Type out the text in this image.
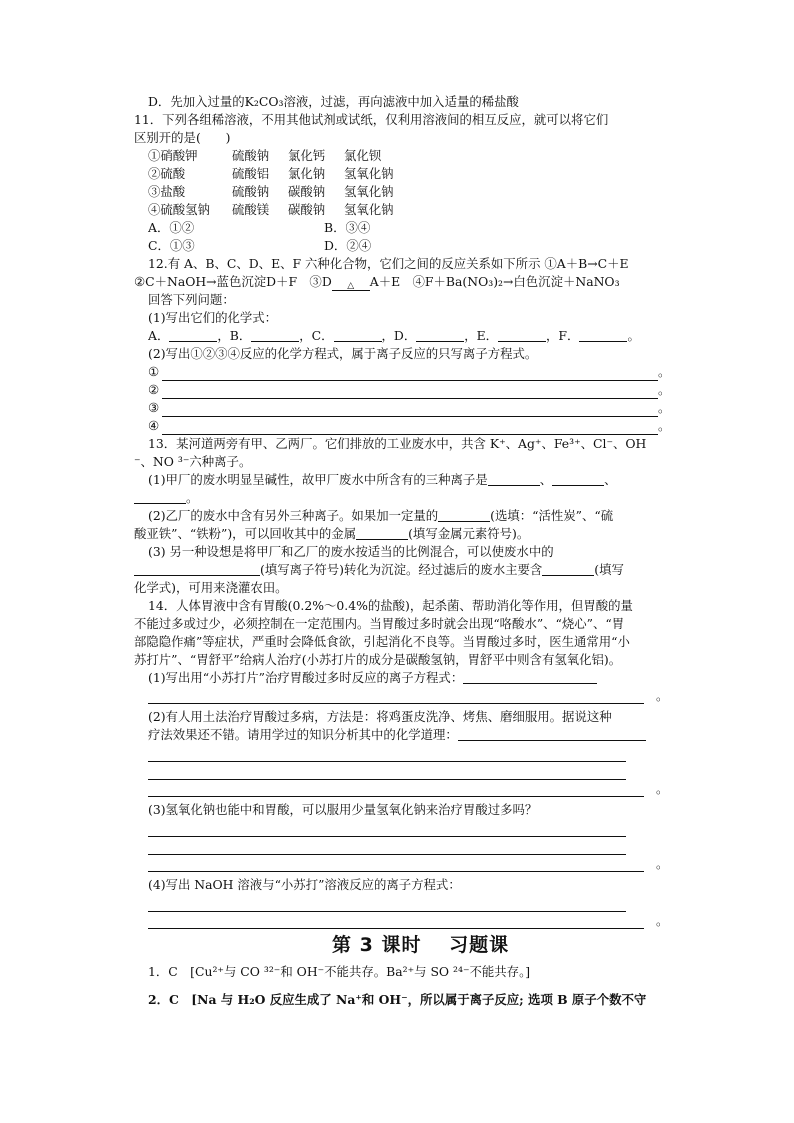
D．先加入过量的K₂CO₃溶液，过滤，再向滤液中加入适量的稀盐酸
11．下列各组稀溶液，不用其他试剂或试纸，仅利用溶液间的相互反应，就可以将它们
区别开的是(　　)
①硝酸钾	硫酸钠 氯化钙 氯化钡
②硫酸	硫酸铝 氯化钠 氢氧化钠
③盐酸	硫酸钠 碳酸钠 氢氧化钠
④硫酸氢钠 硫酸镁 碳酸钠 氢氧化钠
A．①②	B．③④
C．①③	D．②④
12.有 A、B、C、D、E、F 六种化合物，它们之间的反应关系如下所示 ①A＋B→C＋E
②C＋NaOH→蓝色沉淀D＋F　③D	△	A＋E　④F＋Ba(NO₃)₂→白色沉淀＋NaNO₃
回答下列问题：
(1)写出它们的化学式：
A．	，B．	，C．	，D．	，E．	，F．	。
(2)写出①②③④反应的化学方程式，属于离子反应的只写离子方程式。
①	。
②	。
③	。
④	。
13．某河道两旁有甲、乙两厂。它们排放的工业废水中，共含 K⁺、Ag⁺、Fe³⁺、Cl⁻、OH
⁻、NO ³⁻六种离子。
(1)甲厂的废水明显呈碱性，故甲厂废水中所含有的三种离子是	、	、
。
(2)乙厂的废水中含有另外三种离子。如果加一定量的	(选填：“活性炭”、“硫
酸亚铁”、“铁粉”)，可以回收其中的金属	(填写金属元素符号)。
(3) 另一种设想是将甲厂和乙厂的废水按适当的比例混合，可以使废水中的
(填写离子符号)转化为沉淀。经过滤后的废水主要含	(填写
化学式)，可用来浇灌农田。
14．人体胃液中含有胃酸(0.2%～0.4%的盐酸)，起杀菌、帮助消化等作用，但胃酸的量
不能过多或过少，必须控制在一定范围内。当胃酸过多时就会出现“咯酸水”、“烧心”、“胃
部隐隐作痛”等症状，严重时会降低食欲，引起消化不良等。当胃酸过多时，医生通常用“小
苏打片”、“胃舒平”给病人治疗(小苏打片的成分是碳酸氢钠，胃舒平中则含有氢氧化铝)。
(1)写出用“小苏打片”治疗胃酸过多时反应的离子方程式：
。
(2)有人用土法治疗胃酸过多病，方法是：将鸡蛋皮洗净、烤焦、磨细服用。据说这种
疗法效果还不错。请用学过的知识分析其中的化学道理：
。
(3)氢氧化钠也能中和胃酸，可以服用少量氢氧化钠来治疗胃酸过多吗？
。
(4)写出 NaOH 溶液与“小苏打”溶液反应的离子方程式：
。
第 3 课时　 习题课
1．C　[Cu²⁺与 CO ³²⁻和 OH⁻不能共存。Ba²⁺与 SO ²⁴⁻不能共存。]
2．C　[Na 与 H₂O 反应生成了 Na⁺和 OH⁻，所以属于离子反应; 选项 B 原子个数不守
